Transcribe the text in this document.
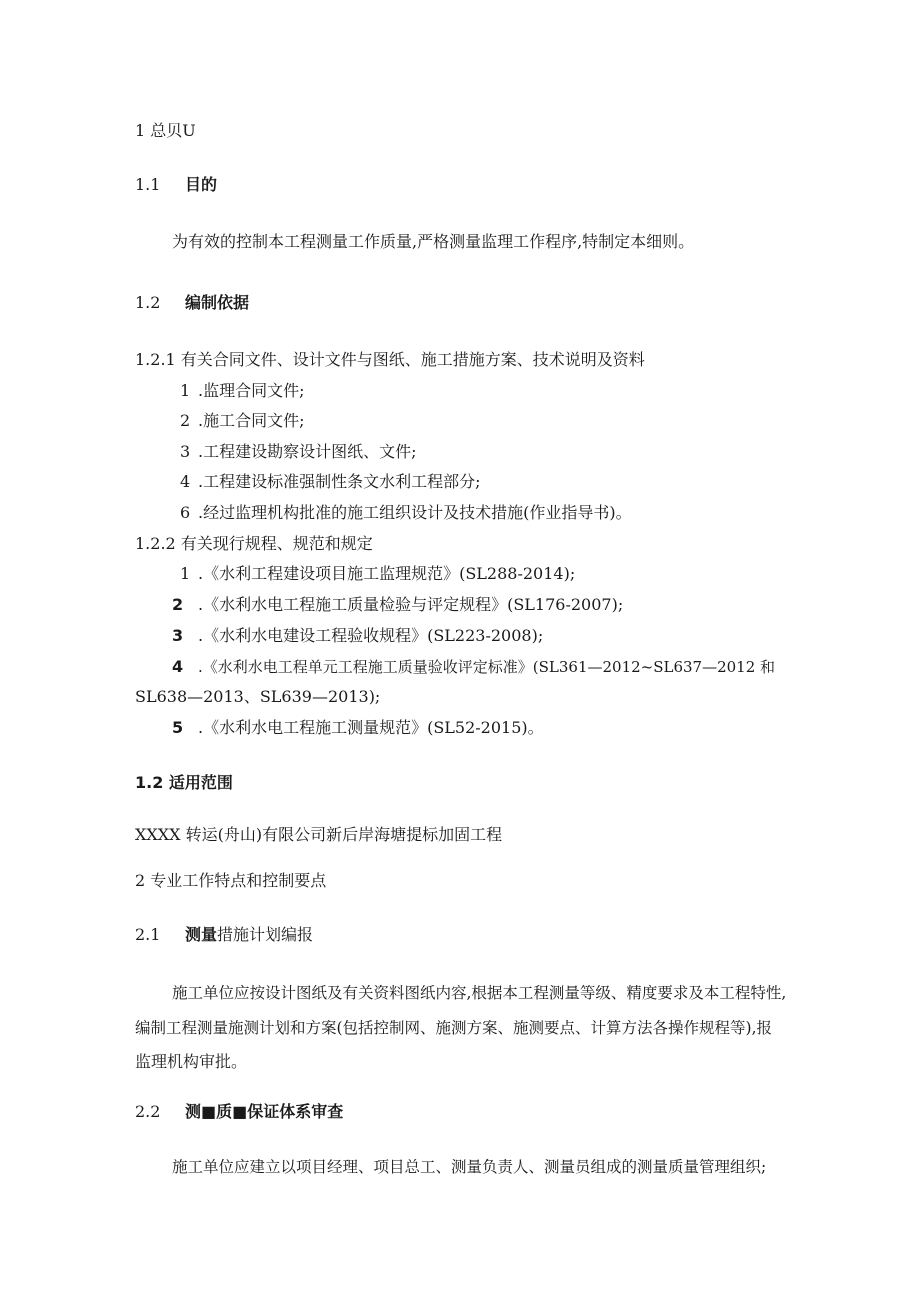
1 总贝U
1.1 目的
为有效的控制本工程测量工作质量,严格测量监理工作程序,特制定本细则。
1.2 编制依据
1.2.1 有关合同文件、设计文件与图纸、施工措施方案、技术说明及资料
1 .监理合同文件;
2 .施工合同文件;
3 .工程建设勘察设计图纸、文件;
4 .工程建设标准强制性条文水利工程部分;
6 .经过监理机构批准的施工组织设计及技术措施(作业指导书)。
1.2.2 有关现行规程、规范和规定
1 .《水利工程建设项目施工监理规范》(SL288-2014);
2 .《水利水电工程施工质量检验与评定规程》(SL176-2007);
3 .《水利水电建设工程验收规程》(SL223-2008);
4 .《水利水电工程单元工程施工质量验收评定标准》(SL361—2012~SL637—2012 和
SL638—2013、SL639—2013);
5 .《水利水电工程施工测量规范》(SL52-2015)。
1.2 适用范围
XXXX 转运(舟山)有限公司新后岸海塘提标加固工程
2 专业工作特点和控制要点
2.1 测量措施计划编报
施工单位应按设计图纸及有关资料图纸内容,根据本工程测量等级、精度要求及本工程特性,
编制工程测量施测计划和方案(包括控制网、施测方案、施测要点、计算方法各操作规程等),报
监理机构审批。
2.2 测■质■保证体系审查
施工单位应建立以项目经理、项目总工、测量负责人、测量员组成的测量质量管理组织;
